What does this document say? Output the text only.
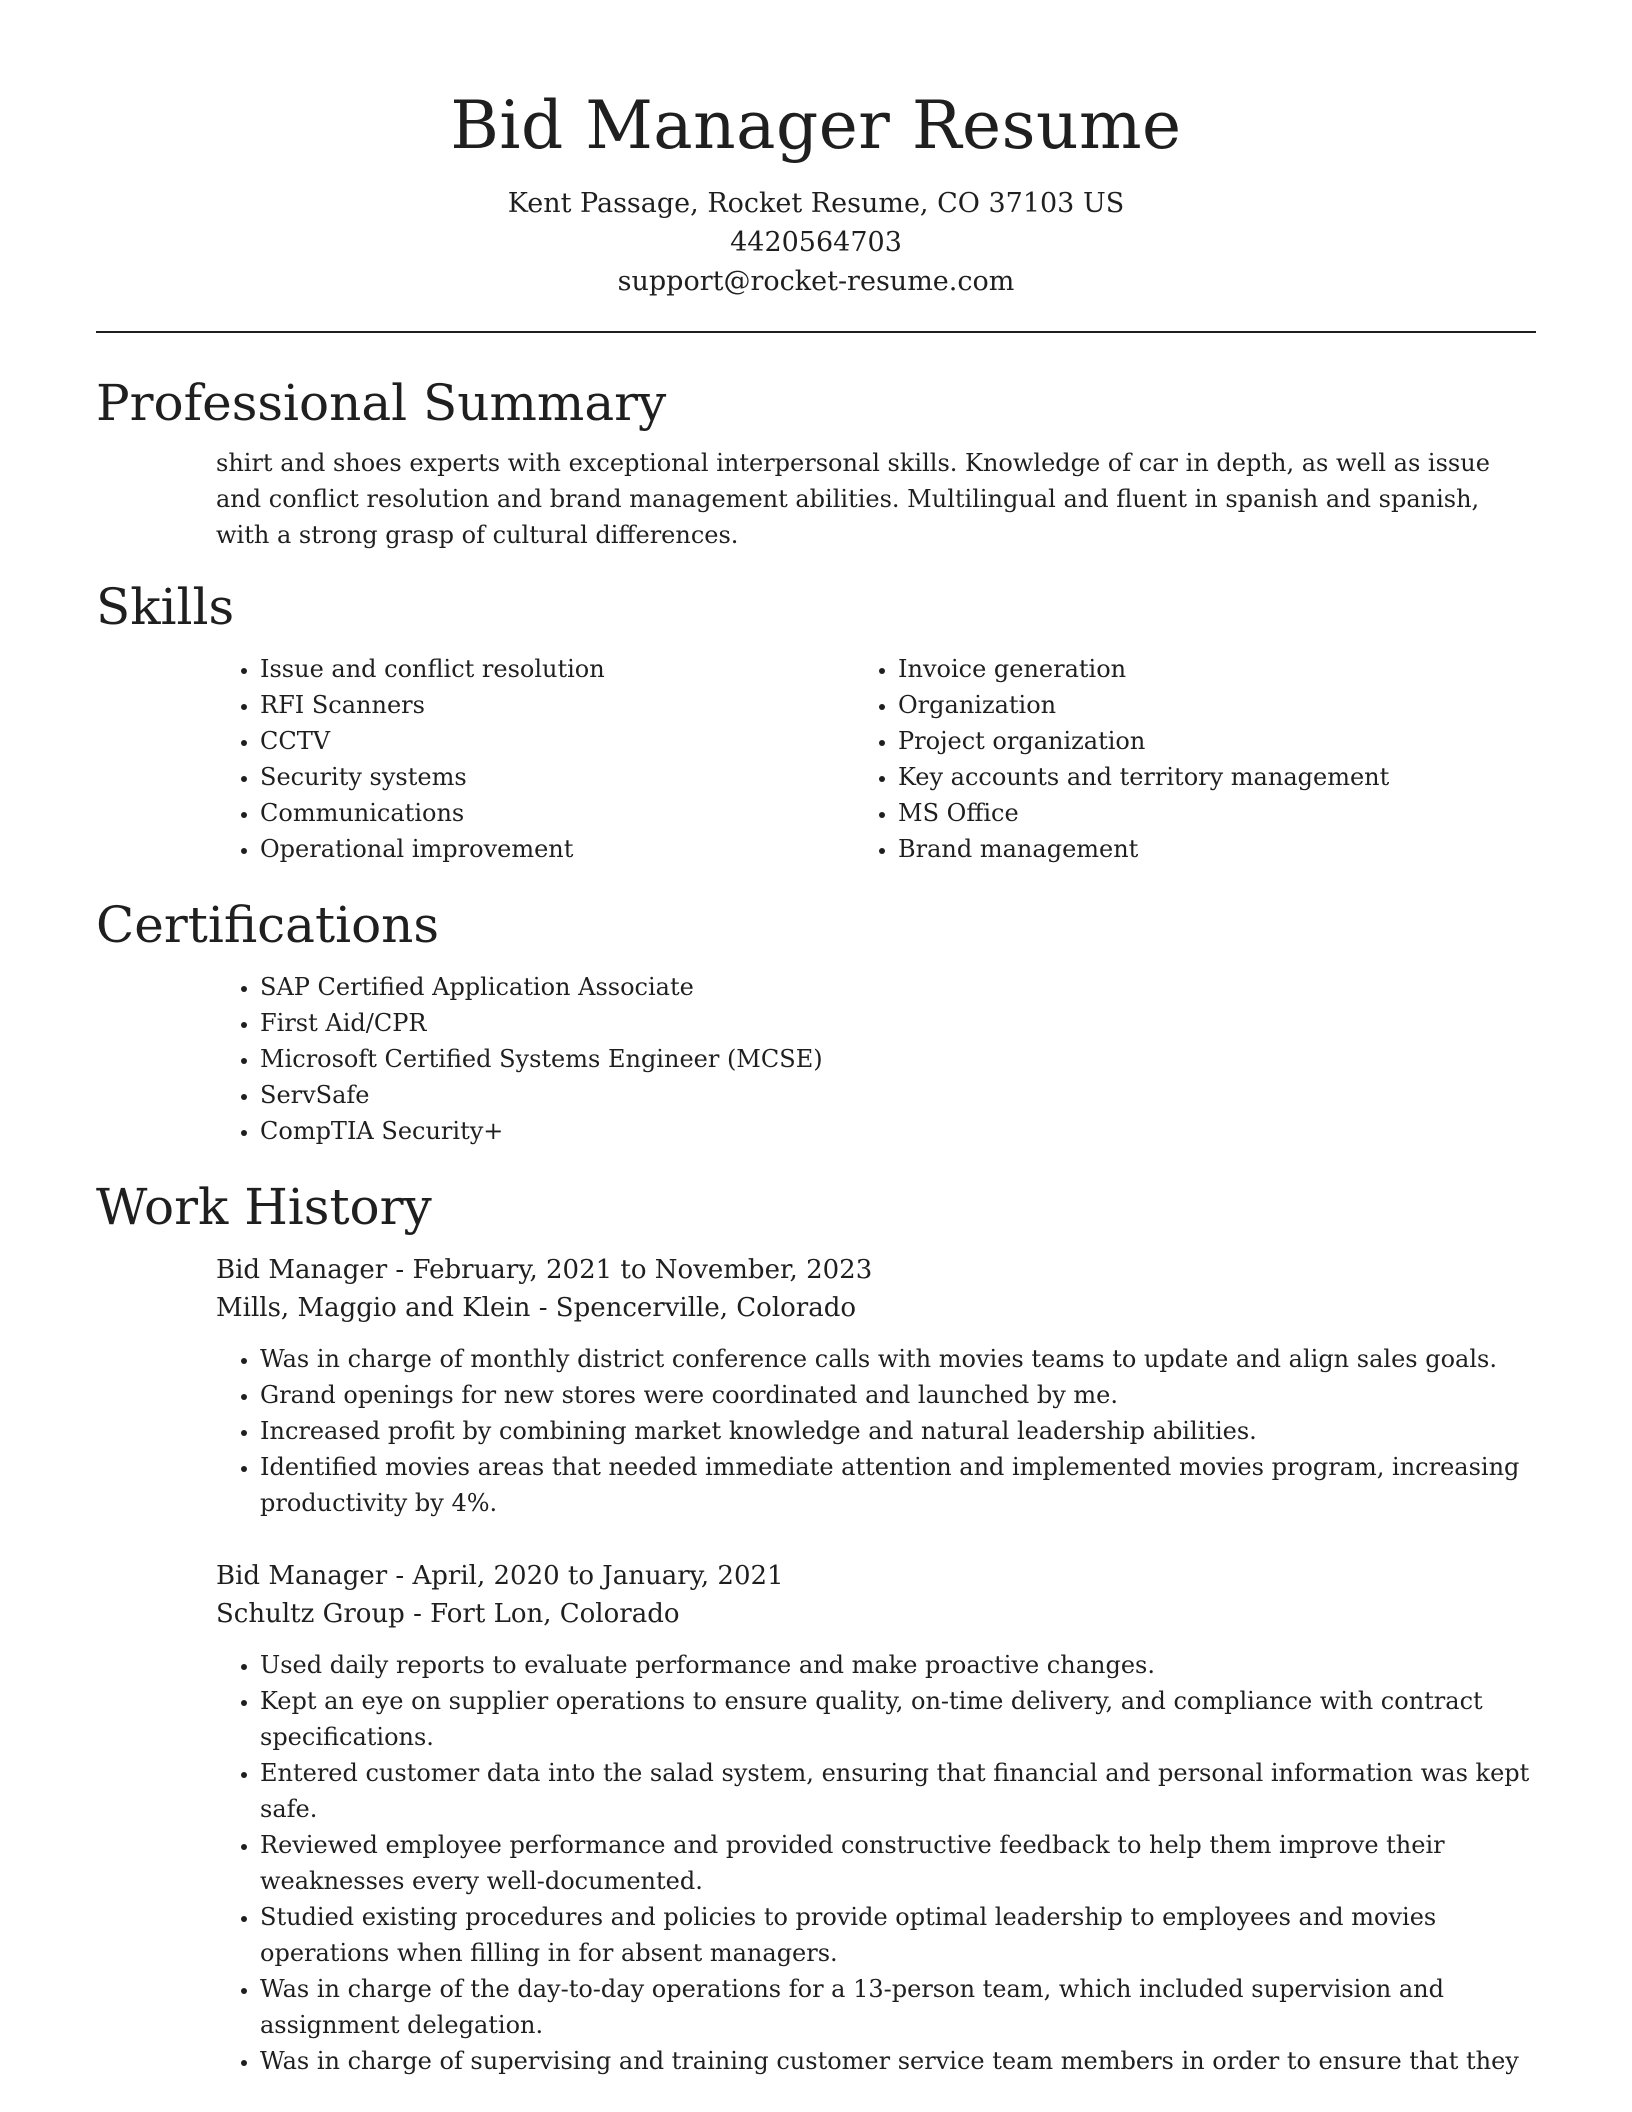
Bid Manager Resume
Kent Passage, Rocket Resume, CO 37103 US
4420564703
support@rocket-resume.com
Professional Summary

shirt and shoes experts with exceptional interpersonal skills. Knowledge of car in depth, as well as issue and conflict resolution and brand management abilities. Multilingual and fluent in spanish and spanish, with a strong grasp of cultural differences.

Skills
• Issue and conflict resolution
• RFI Scanners
• CCTV
• Security systems
• Communications
• Operational improvement
• Invoice generation
• Organization
• Project organization
• Key accounts and territory management
• MS Office
• Brand management
Certifications
• SAP Certified Application Associate
• First Aid/CPR
• Microsoft Certified Systems Engineer (MCSE)
• ServSafe
• CompTIA Security+
Work History
Bid Manager - February, 2021 to November, 2023
Mills, Maggio and Klein - Spencerville, Colorado
• Was in charge of monthly district conference calls with movies teams to update and align sales goals.
• Grand openings for new stores were coordinated and launched by me.
• Increased profit by combining market knowledge and natural leadership abilities.
• Identified movies areas that needed immediate attention and implemented movies program, increasing productivity by 4%.
Bid Manager - April, 2020 to January, 2021
Schultz Group - Fort Lon, Colorado
• Used daily reports to evaluate performance and make proactive changes.
• Kept an eye on supplier operations to ensure quality, on-time delivery, and compliance with contract specifications.
• Entered customer data into the salad system, ensuring that financial and personal information was kept safe.
• Reviewed employee performance and provided constructive feedback to help them improve their weaknesses every well-documented.
• Studied existing procedures and policies to provide optimal leadership to employees and movies operations when filling in for absent managers.
• Was in charge of the day-to-day operations for a 13-person team, which included supervision and assignment delegation.
• Was in charge of supervising and training customer service team members in order to ensure that they
